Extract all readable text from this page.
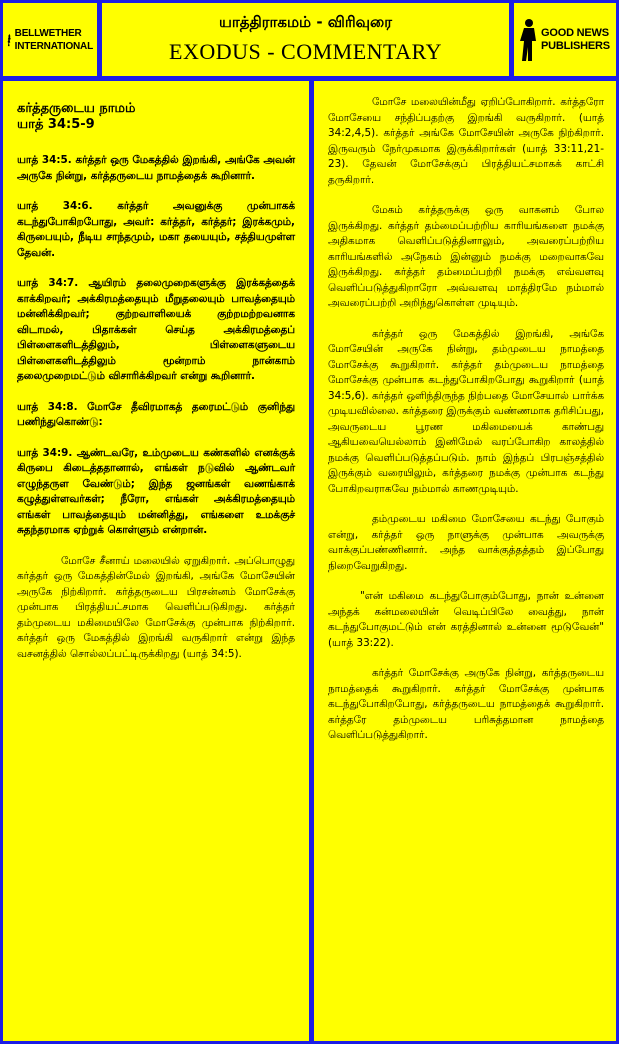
BELLWETHER
INTERNATIONAL
யாத்திராகமம் - விரிவுரை
EXODUS - COMMENTARY
GOOD NEWS
PUBLISHERS
கர்த்தருடைய நாமம்
யாத் 34:5-9

யாத் 34:5. கர்த்தர் ஒரு மேகத்தில் இறங்கி, அங்கே அவன் அருகே நின்று, கர்த்தருடைய நாமத்தைக் கூறினார்.

யாத் 34:6. கர்த்தர் அவனுக்கு முன்பாகக் கடந்துபோகிறபோது, அவர்: கர்த்தர், கர்த்தர்; இரக்கமும், கிருபையும், நீடிய சாந்தமும், மகா தயையும், சத்தியமுள்ள தேவன்.

யாத் 34:7. ஆயிரம் தலைமுறைகளுக்கு இரக்கத்தைக் காக்கிறவர்; அக்கிரமத்தையும் மீறுதலையும் பாவத்தையும் மன்னிக்கிறவர்; குற்றவாளியைக் குற்றமற்றவனாக விடாமல், பிதாக்கள் செய்த அக்கிரமத்தைப் பிள்ளைகளிடத்திலும், பிள்ளைகளுடைய பிள்ளைகளிடத்திலும் மூன்றாம் நான்காம் தலைமுறைமட்டும் விசாரிக்கிறவர் என்று கூறினார்.

யாத் 34:8. மோசே தீவிரமாகத் தரைமட்டும் குனிந்து பணிந்துகொண்டு:

யாத் 34:9. ஆண்டவரே, உம்முடைய கண்களில் எனக்குக் கிருபை கிடைத்ததானால், எங்கள் நடுவில் ஆண்டவர் எழுந்தருள வேண்டும்; இந்த ஜனங்கள் வணங்காக் கழுத்துள்ளவர்கள்; நீரோ, எங்கள் அக்கிரமத்தையும் எங்கள் பாவத்தையும் மன்னித்து, எங்களை உமக்குச் சுதந்தரமாக ஏற்றுக் கொள்ளும் என்றான்.

மோசே சீனாய் மலையில் ஏறுகிறார். அப்பொழுது கர்த்தர் ஒரு மேகத்தின்மேல் இறங்கி, அங்கே மோசேயின் அருகே நிற்கிறார். கர்த்தருடைய பிரசன்னம் மோசேக்கு முன்பாக பிரத்தியட்சமாக வெளிப்படுகிறது. கர்த்தர் தம்முடைய மகிமையிலே மோசேக்கு முன்பாக நிற்கிறார். கர்த்தர் ஒரு மேகத்தில் இறங்கி வருகிறார் என்று இந்த வசனத்தில் சொல்லப்பட்டிருக்கிறது (யாத் 34:5).

மோசே மலையின்மீது ஏறிப்போகிறார். கர்த்தரோ மோசேயை சந்திப்பதற்கு இறங்கி வருகிறார். (யாத் 34:2,4,5). கர்த்தர் அங்கே மோசேயின் அருகே நிற்கிறார். இருவரும் நேர்முகமாக இருக்கிறார்கள் (யாத் 33:11,21-23). தேவன் மோசேக்குப் பிரத்தியட்சமாகக் காட்சி தருகிறார்.

மேகம் கர்த்தருக்கு ஒரு வாகனம் போல இருக்கிறது. கர்த்தர் தம்மைப்பற்றிய காரியங்களை நமக்கு அதிகமாக வெளிப்படுத்தினாலும், அவரைப்பற்றிய காரியங்களில் அநேகம் இன்னும் நமக்கு மறைவாகவே இருக்கிறது. கர்த்தர் தம்மைப்பற்றி நமக்கு எவ்வளவு வெளிப்படுத்துகிறாரோ அவ்வளவு மாத்திரமே நம்மால் அவரைப்பற்றி அறிந்துகொள்ள முடியும்.

கர்த்தர் ஒரு மேகத்தில் இறங்கி, அங்கே மோசேயின் அருகே நின்று, தம்முடைய நாமத்தை மோசேக்கு கூறுகிறார். கர்த்தர் தம்முடைய நாமத்தை மோசேக்கு முன்பாக கடந்துபோகிறபோது கூறுகிறார் (யாத் 34:5,6). கர்த்தர் ஒளிந்திருந்த நிற்பதை மோசேயால் பார்க்க முடியவில்லை. கர்த்தரை இருக்கும் வண்ணமாக தரிசிப்பது, அவருடைய பூரண மகிமையைக் காண்பது ஆகியவையெல்லாம் இனிமேல் வரப்போகிற காலத்தில் நமக்கு வெளிப்படுத்தப்படும். நாம் இந்தப் பிரபஞ்சத்தில் இருக்கும் வரையிலும், கர்த்தரை நமக்கு முன்பாக கடந்து போகிறவராகவே நம்மால் காணமுடியும்.

தம்முடைய மகிமை மோசேயை கடந்து போகும் என்று, கர்த்தர் ஒரு நாளுக்கு முன்பாக அவருக்கு வாக்குப்பண்ணினார். அந்த வாக்குத்தத்தம் இப்போது நிறைவேறுகிறது.

"என் மகிமை கடந்துபோகும்போது, நான் உன்னை அந்தக் கன்மலையின் வெடிப்பிலே வைத்து, நான் கடந்துபோகுமட்டும் என் கரத்தினால் உன்னை மூடுவேன்" (யாத் 33:22).

கர்த்தர் மோசேக்கு அருகே நின்று, கர்த்தருடைய நாமத்தைக் கூறுகிறார். கர்த்தர் மோசேக்கு முன்பாக கடந்துபோகிறபோது, கர்த்தருடைய நாமத்தைக் கூறுகிறார். கர்த்தரே தம்முடைய பரிசுத்தமான நாமத்தை வெளிப்படுத்துகிறார்.
